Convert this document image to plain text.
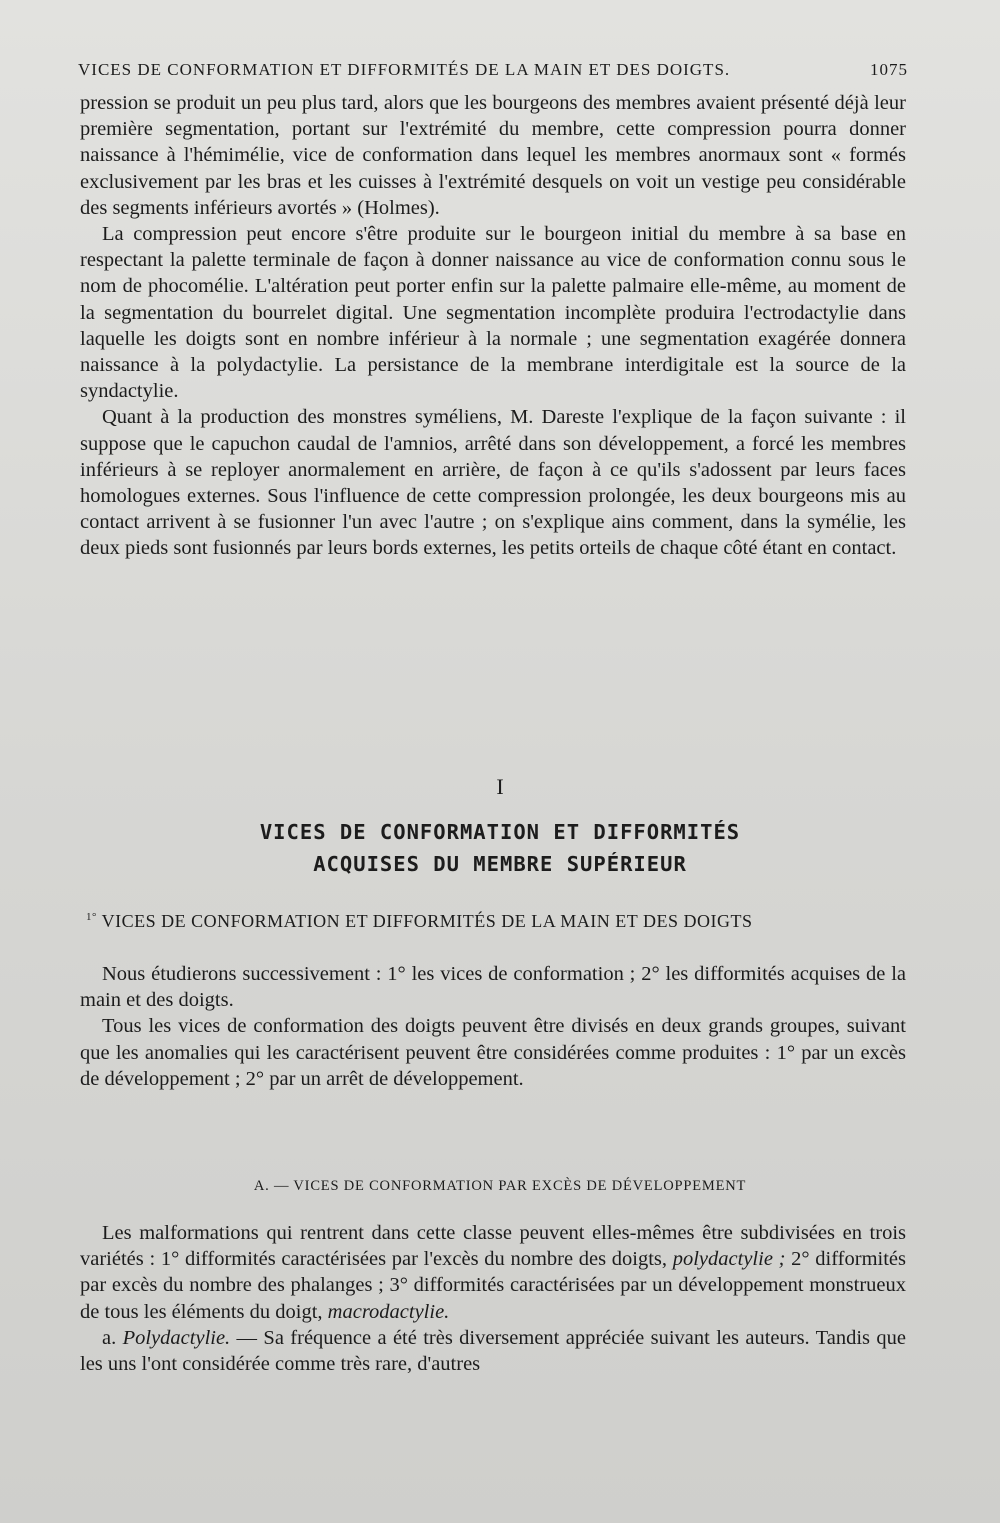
VICES DE CONFORMATION ET DIFFORMITÉS DE LA MAIN ET DES DOIGTS.	1075

pression se produit un peu plus tard, alors que les bourgeons des membres avaient présenté déjà leur première segmentation, portant sur l'extrémité du membre, cette compression pourra donner naissance à l'hémimélie, vice de conformation dans lequel les membres anormaux sont « formés exclusivement par les bras et les cuisses à l'extrémité desquels on voit un vestige peu considérable des segments inférieurs avortés » (Holmes).

La compression peut encore s'être produite sur le bourgeon initial du membre à sa base en respectant la palette terminale de façon à donner naissance au vice de conformation connu sous le nom de phocomélie. L'altération peut porter enfin sur la palette palmaire elle-même, au moment de la segmentation du bourrelet digital. Une segmentation incomplète produira l'ectrodactylie dans laquelle les doigts sont en nombre inférieur à la normale ; une segmentation exagérée donnera naissance à la polydactylie. La persistance de la membrane interdigitale est la source de la syndactylie.

Quant à la production des monstres syméliens, M. Dareste l'explique de la façon suivante : il suppose que le capuchon caudal de l'amnios, arrêté dans son développement, a forcé les membres inférieurs à se reployer anormalement en arrière, de façon à ce qu'ils s'adossent par leurs faces homologues externes. Sous l'influence de cette compression prolongée, les deux bourgeons mis au contact arrivent à se fusionner l'un avec l'autre ; on s'explique ains comment, dans la symélie, les deux pieds sont fusionnés par leurs bords externes, les petits orteils de chaque côté étant en contact.

I
VICES DE CONFORMATION ET DIFFORMITÉS
ACQUISES DU MEMBRE SUPÉRIEUR
$^{1^\circ}$ VICES DE CONFORMATION ET DIFFORMITÉS DE LA MAIN ET DES DOIGTS

Nous étudierons successivement : 1° les vices de conformation ; 2° les difformités acquises de la main et des doigts.

Tous les vices de conformation des doigts peuvent être divisés en deux grands groupes, suivant que les anomalies qui les caractérisent peuvent être considérées comme produites : 1° par un excès de développement ; 2° par un arrêt de développement.

A. — VICES DE CONFORMATION PAR EXCÈS DE DÉVELOPPEMENT

Les malformations qui rentrent dans cette classe peuvent elles-mêmes être subdivisées en trois variétés : 1° difformités caractérisées par l'excès du nombre des doigts, polydactylie ; 2° difformités par excès du nombre des phalanges ; 3° difformités caractérisées par un développement monstrueux de tous les éléments du doigt, macrodactylie.

a. Polydactylie. — Sa fréquence a été très diversement appréciée suivant les auteurs. Tandis que les uns l'ont considérée comme très rare, d'autres
